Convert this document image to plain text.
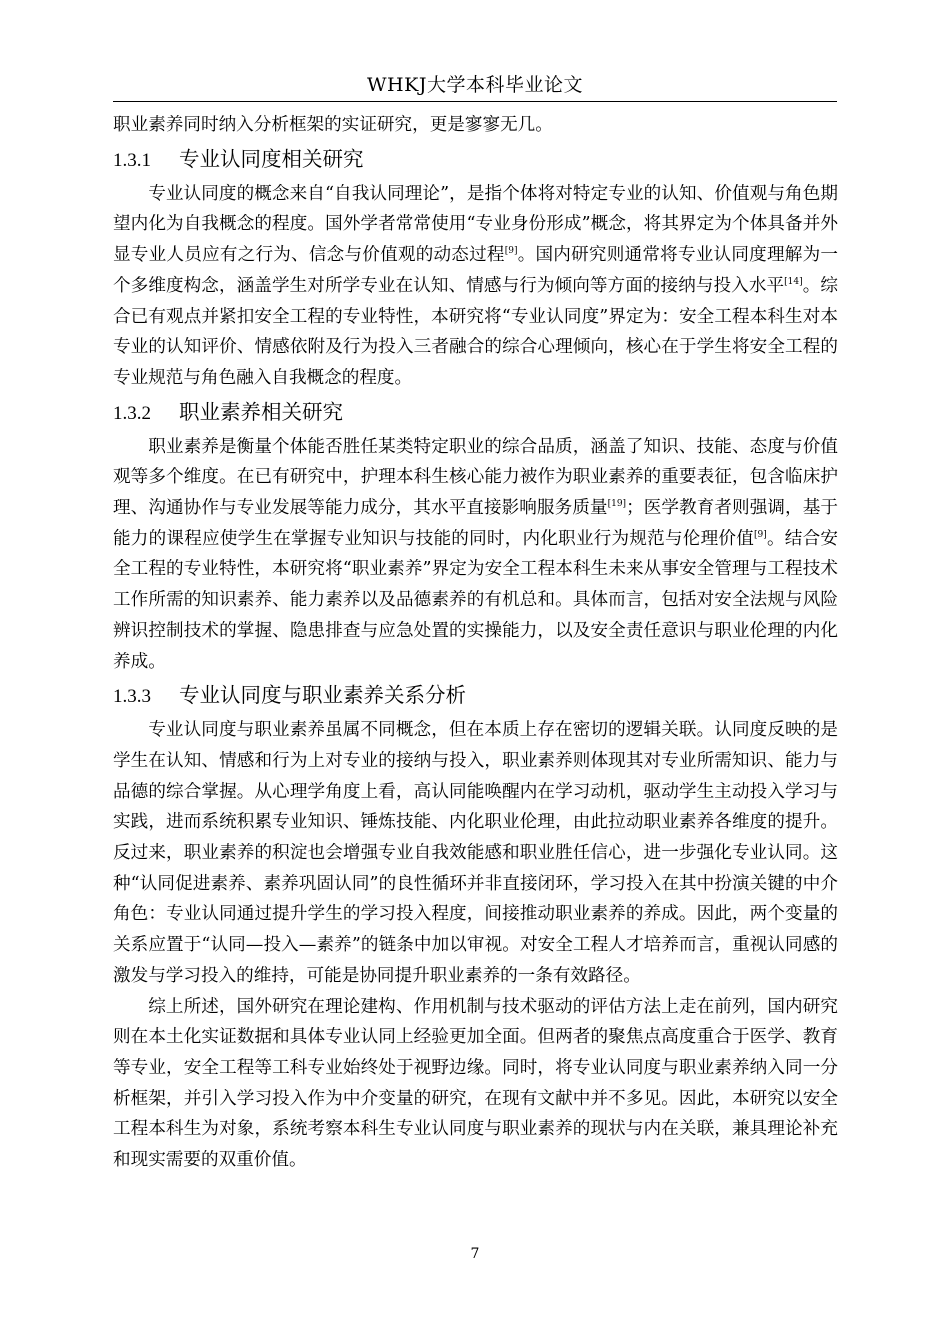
WHKJ大学本科毕业论文

职业素养同时纳入分析框架的实证研究，更是寥寥无几。

1.3.1 专业认同度相关研究

专业认同度的概念来自“自我认同理论”，是指个体将对特定专业的认知、价值观与角色期望内化为自我概念的程度。国外学者常常使用“专业身份形成”概念，将其界定为个体具备并外显专业人员应有之行为、信念与价值观的动态过程[9]。国内研究则通常将专业认同度理解为一个多维度构念，涵盖学生对所学专业在认知、情感与行为倾向等方面的接纳与投入水平[14]。综合已有观点并紧扣安全工程的专业特性，本研究将“专业认同度”界定为：安全工程本科生对本专业的认知评价、情感依附及行为投入三者融合的综合心理倾向，核心在于学生将安全工程的专业规范与角色融入自我概念的程度。

1.3.2 职业素养相关研究

职业素养是衡量个体能否胜任某类特定职业的综合品质，涵盖了知识、技能、态度与价值观等多个维度。在已有研究中，护理本科生核心能力被作为职业素养的重要表征，包含临床护理、沟通协作与专业发展等能力成分，其水平直接影响服务质量[19]；医学教育者则强调，基于能力的课程应使学生在掌握专业知识与技能的同时，内化职业行为规范与伦理价值[9]。结合安全工程的专业特性，本研究将“职业素养”界定为安全工程本科生未来从事安全管理与工程技术工作所需的知识素养、能力素养以及品德素养的有机总和。具体而言，包括对安全法规与风险辨识控制技术的掌握、隐患排查与应急处置的实操能力，以及安全责任意识与职业伦理的内化养成。

1.3.3 专业认同度与职业素养关系分析

专业认同度与职业素养虽属不同概念，但在本质上存在密切的逻辑关联。认同度反映的是学生在认知、情感和行为上对专业的接纳与投入，职业素养则体现其对专业所需知识、能力与品德的综合掌握。从心理学角度上看，高认同能唤醒内在学习动机，驱动学生主动投入学习与实践，进而系统积累专业知识、锤炼技能、内化职业伦理，由此拉动职业素养各维度的提升。反过来，职业素养的积淀也会增强专业自我效能感和职业胜任信心，进一步强化专业认同。这种“认同促进素养、素养巩固认同”的良性循环并非直接闭环，学习投入在其中扮演关键的中介角色：专业认同通过提升学生的学习投入程度，间接推动职业素养的养成。因此，两个变量的关系应置于“认同—投入—素养”的链条中加以审视。对安全工程人才培养而言，重视认同感的激发与学习投入的维持，可能是协同提升职业素养的一条有效路径。

综上所述，国外研究在理论建构、作用机制与技术驱动的评估方法上走在前列，国内研究则在本土化实证数据和具体专业认同上经验更加全面。但两者的聚焦点高度重合于医学、教育等专业，安全工程等工科专业始终处于视野边缘。同时，将专业认同度与职业素养纳入同一分析框架，并引入学习投入作为中介变量的研究，在现有文献中并不多见。因此，本研究以安全工程本科生为对象，系统考察本科生专业认同度与职业素养的现状与内在关联，兼具理论补充和现实需要的双重价值。

7
